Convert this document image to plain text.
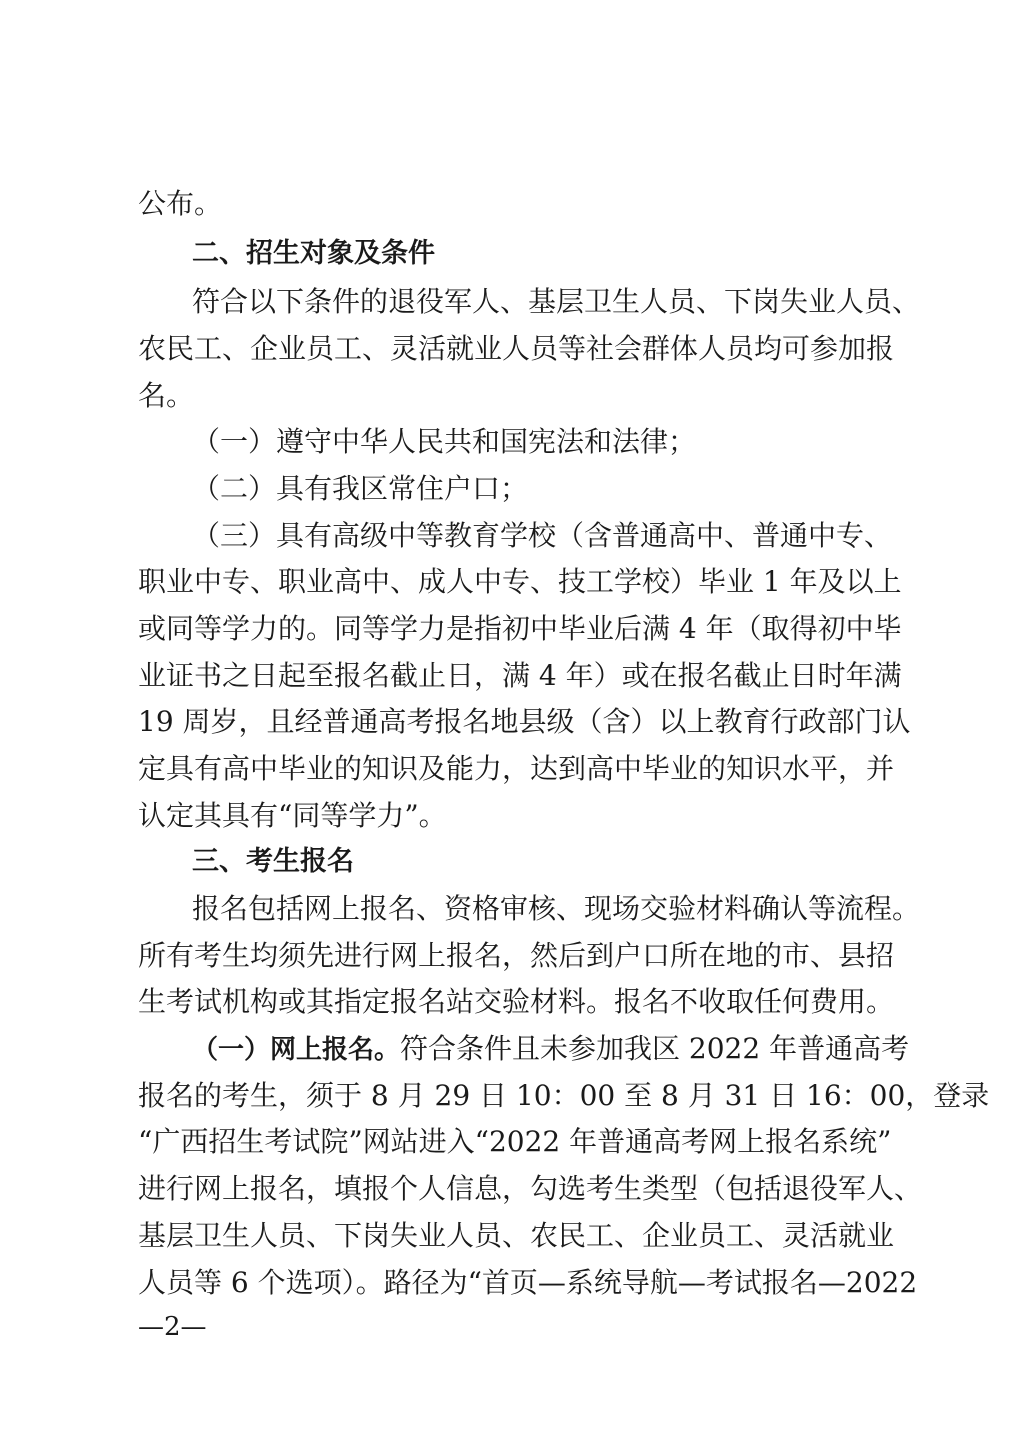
公布。
二、招生对象及条件
符合以下条件的退役军人、基层卫生人员、下岗失业人员、
农民工、企业员工、灵活就业人员等社会群体人员均可参加报
名。
（一）遵守中华人民共和国宪法和法律；
（二）具有我区常住户口；
（三）具有高级中等教育学校（含普通高中、普通中专、
职业中专、职业高中、成人中专、技工学校）毕业 1 年及以上
或同等学力的。同等学力是指初中毕业后满 4 年（取得初中毕
业证书之日起至报名截止日，满 4 年）或在报名截止日时年满
19 周岁，且经普通高考报名地县级（含）以上教育行政部门认
定具有高中毕业的知识及能力，达到高中毕业的知识水平，并
认定其具有“同等学力”。
三、考生报名
报名包括网上报名、资格审核、现场交验材料确认等流程。
所有考生均须先进行网上报名，然后到户口所在地的市、县招
生考试机构或其指定报名站交验材料。报名不收取任何费用。
（一）网上报名。符合条件且未参加我区 2022 年普通高考
报名的考生，须于 8 月 29 日 10：00 至 8 月 31 日 16：00，登录
“广西招生考试院”网站进入“2022 年普通高考网上报名系统”
进行网上报名，填报个人信息，勾选考生类型（包括退役军人、
基层卫生人员、下岗失业人员、农民工、企业员工、灵活就业
人员等 6 个选项）。路径为“首页—系统导航—考试报名—2022
—2—
